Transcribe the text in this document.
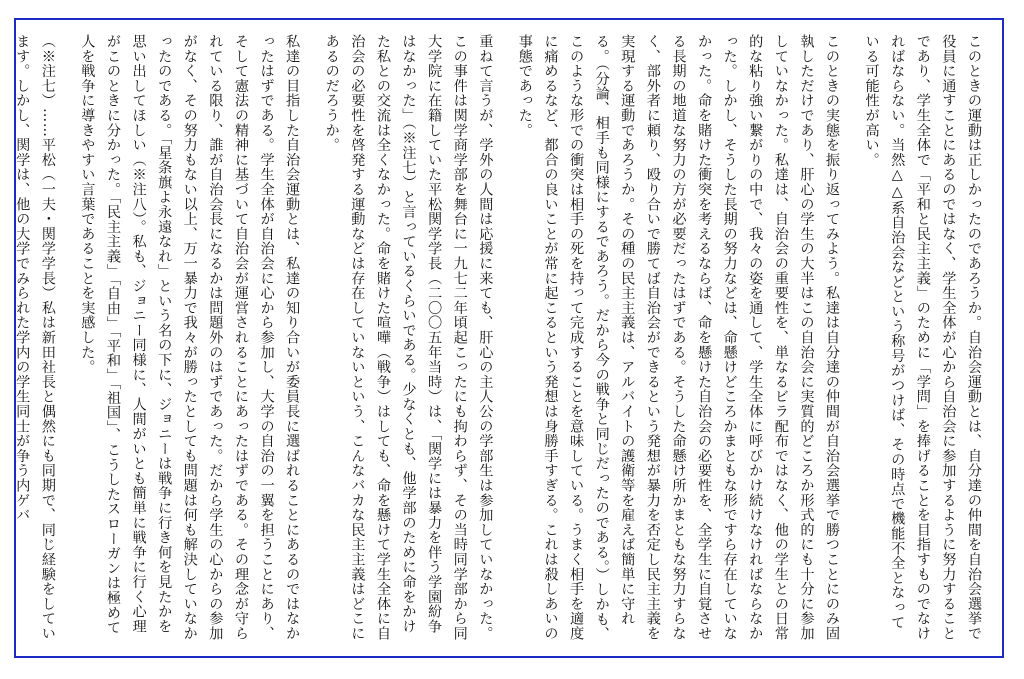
このときの運動は正しかったのであろうか。自治会運動とは、自分達の仲間を自治会選挙で役員に通すことにあるのではなく、学生全体が心から自治会に参加するように努力することであり、学生全体で「平和と民主主義」のために「学問」を捧げることを目指すものでなければならない。当然△△系自治会などという称号がつけば、その時点で機能不全となっている可能性が高い。

このときの実態を振り返ってみよう。私達は自分達の仲間が自治会選挙で勝つことにのみ固執しただけであり、肝心の学生の大半はこの自治会に実質的どころか形式的にも十分に参加していなかった。私達は、自治会の重要性を、単なるビラ配布ではなく、他の学生との日常的な粘り強い繋がりの中で、我々の姿を通して、学生全体に呼びかけ続けなければならなかった。しかし、そうした長期の努力などは、命懸けどころかまともな形ですら存在していなかった。命を賭けた衝突を考えるならば、命を懸けた自治会の必要性を、全学生に自覚させる長期の地道な努力の方が必要だったはずである。そうした命懸け所かまともな努力すらなく、部外者に頼り、殴り合いで勝てば自治会ができるという発想が暴力を否定し民主主義を実現する運動であろうか。その種の民主主義は、アルバイトの護衛等を雇えば簡単に守れる。（分論、相手も同様にするであろう。だから今の戦争と同じだったのである。）しかも、このような形での衝突は相手の死を持って完成することを意味している。うまく相手を適度に痛めるなど、都合の良いことが常に起こるという発想は身勝手すぎる。これは殺しあいの事態であった。

重ねて言うが、学外の人間は応援に来ても、肝心の主人公の学部生は参加していなかった。この事件は関学商学部を舞台に一九七二年頃起こったにも拘わらず、その当時同学部から同大学院に在籍していた平松関学学長（二〇〇五年当時）は、「関学には暴力を伴う学園紛争はなかった」（※注七）と言っているくらいである。少なくとも、他学部のために命をかけた私との交流は全くなかった。命を賭けた喧嘩（戦争）はしても、命を懸けて学生全体に自治会の必要性を啓発する運動などは存在していないという、こんなバカな民主主義はどこにあるのだろうか。

私達の目指した自治会運動とは、私達の知り合いが委員長に選ばれることにあるのではなかったはずである。学生全体が自治会に心から参加し、大学の自治の一翼を担うことにあり、そして憲法の精神に基づいて自治会が運営されることにあったはずである。その理念が守られている限り、誰が自治会長になるかは問題外のはずであった。だから学生の心からの参加がなく、その努力もない以上、万一暴力で我々が勝ったとしても問題は何も解決していなかったのである。「星条旗よ永遠なれ」という名の下に、ジョニーは戦争に行き何を見たかを思い出してほしい（※注八）。私も、ジョニー同様に、人間がいとも簡単に戦争に行く心理がこのときに分かった。「民主主義」「自由」「平和」「祖国」、こうしたスローガンは極めて人を戦争に導きやすい言葉であることを実感した。

（※注七）……平松（一夫・関学学長）私は新田社長と偶然にも同期で、同じ経験をしています。しかし、関学は、他の大学でみられた学内の学生同士が争う内ゲバ
